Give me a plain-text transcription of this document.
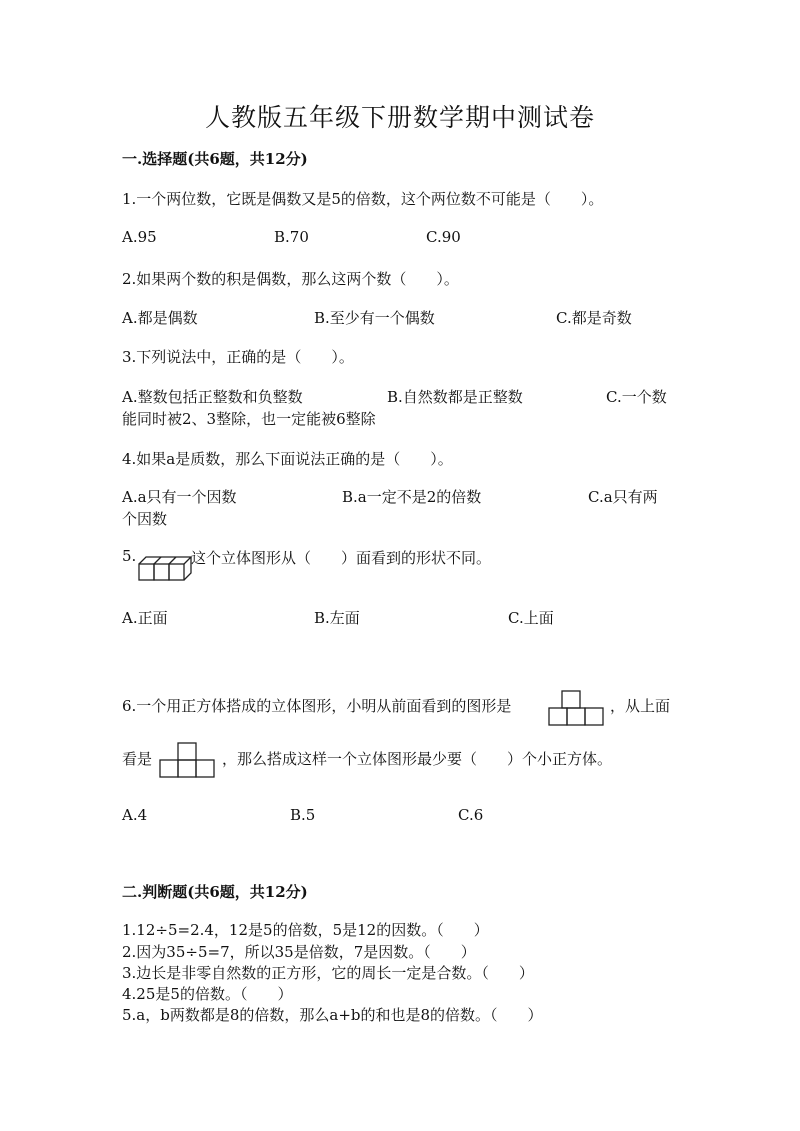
人教版五年级下册数学期中测试卷
一.选择题(共6题，共12分)
1.一个两位数，它既是偶数又是5的倍数，这个两位数不可能是（　　）。
A.95	B.70	C.90
2.如果两个数的积是偶数，那么这两个数（　　）。
A.都是偶数	B.至少有一个偶数	C.都是奇数
3.下列说法中，正确的是（　　）。
A.整数包括正整数和负整数	B.自然数都是正整数	C.一个数
能同时被2、3整除，也一定能被6整除
4.如果a是质数，那么下面说法正确的是（　　）。
A.a只有一个因数	B.a一定不是2的倍数	C.a只有两
个因数
5.	这个立体图形从（　　）面看到的形状不同。
A.正面	B.左面	C.上面
6.一个用正方体搭成的立体图形，小明从前面看到的图形是	，从上面
看是	，那么搭成这样一个立体图形最少要（　　）个小正方体。
A.4	B.5	C.6
二.判断题(共6题，共12分)
1.12÷5=2.4，12是5的倍数，5是12的因数。（　　）
2.因为35÷5=7，所以35是倍数，7是因数。（　　）
3.边长是非零自然数的正方形，它的周长一定是合数。（　　）
4.25是5的倍数。（　　）
5.a，b两数都是8的倍数，那么a+b的和也是8的倍数。（　　）
